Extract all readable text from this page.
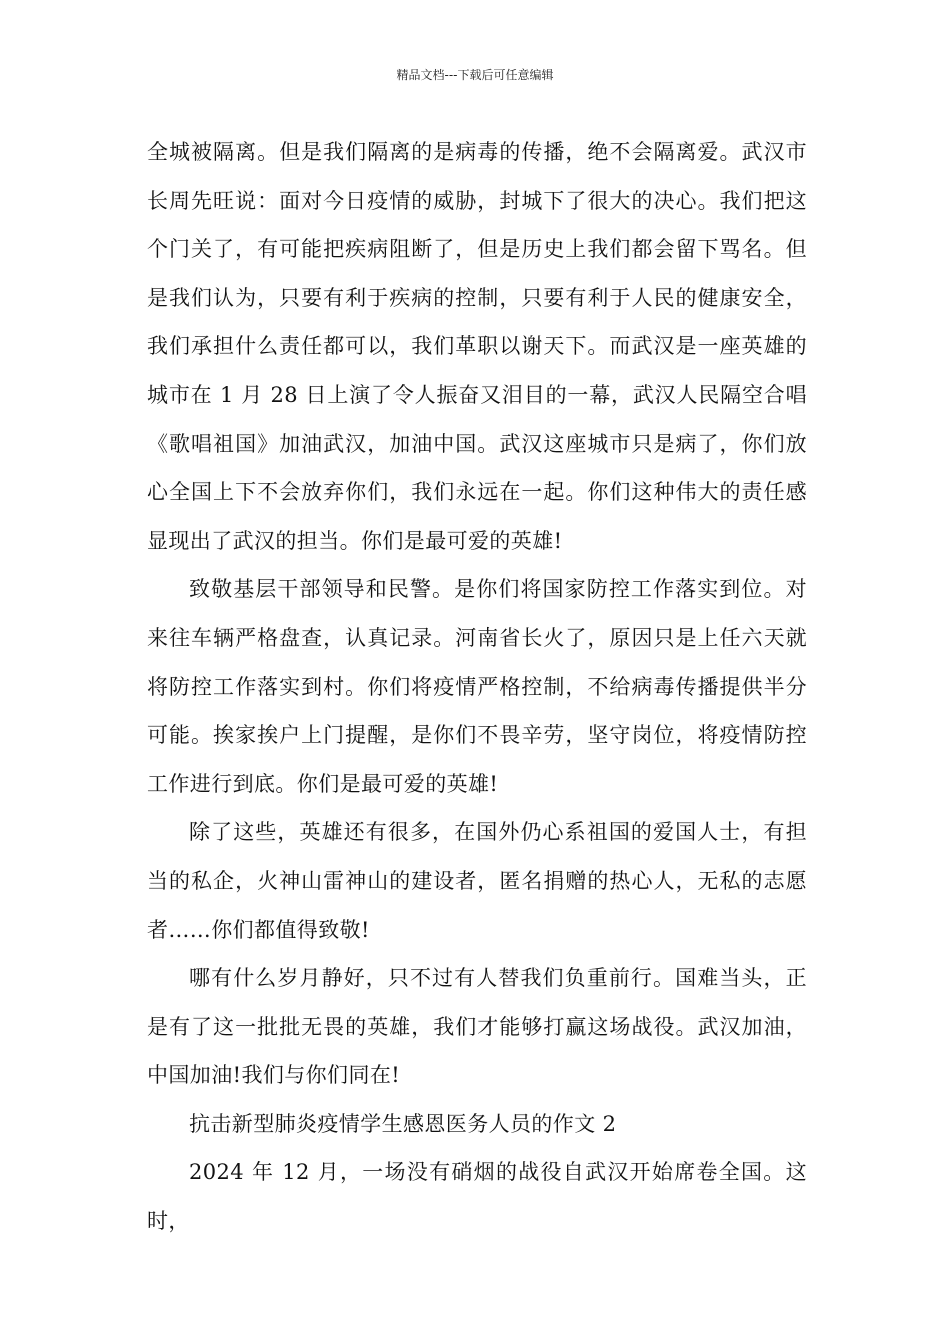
精品文档---下载后可任意编辑

全城被隔离。但是我们隔离的是病毒的传播，绝不会隔离爱。武汉市长周先旺说：面对今日疫情的威胁，封城下了很大的决心。我们把这个门关了，有可能把疾病阻断了，但是历史上我们都会留下骂名。但是我们认为，只要有利于疾病的控制，只要有利于人民的健康安全，我们承担什么责任都可以，我们革职以谢天下。而武汉是一座英雄的城市在 1 月 28 日上演了令人振奋又泪目的一幕，武汉人民隔空合唱《歌唱祖国》加油武汉，加油中国。武汉这座城市只是病了，你们放心全国上下不会放弃你们，我们永远在一起。你们这种伟大的责任感显现出了武汉的担当。你们是最可爱的英雄!

致敬基层干部领导和民警。是你们将国家防控工作落实到位。对来往车辆严格盘查，认真记录。河南省长火了，原因只是上任六天就将防控工作落实到村。你们将疫情严格控制，不给病毒传播提供半分可能。挨家挨户上门提醒，是你们不畏辛劳，坚守岗位，将疫情防控工作进行到底。你们是最可爱的英雄!

除了这些，英雄还有很多，在国外仍心系祖国的爱国人士，有担当的私企，火神山雷神山的建设者，匿名捐赠的热心人，无私的志愿者……你们都值得致敬!

哪有什么岁月静好，只不过有人替我们负重前行。国难当头，正是有了这一批批无畏的英雄，我们才能够打赢这场战役。武汉加油，中国加油!我们与你们同在!

抗击新型肺炎疫情学生感恩医务人员的作文 2

2024 年 12 月，一场没有硝烟的战役自武汉开始席卷全国。这时，
